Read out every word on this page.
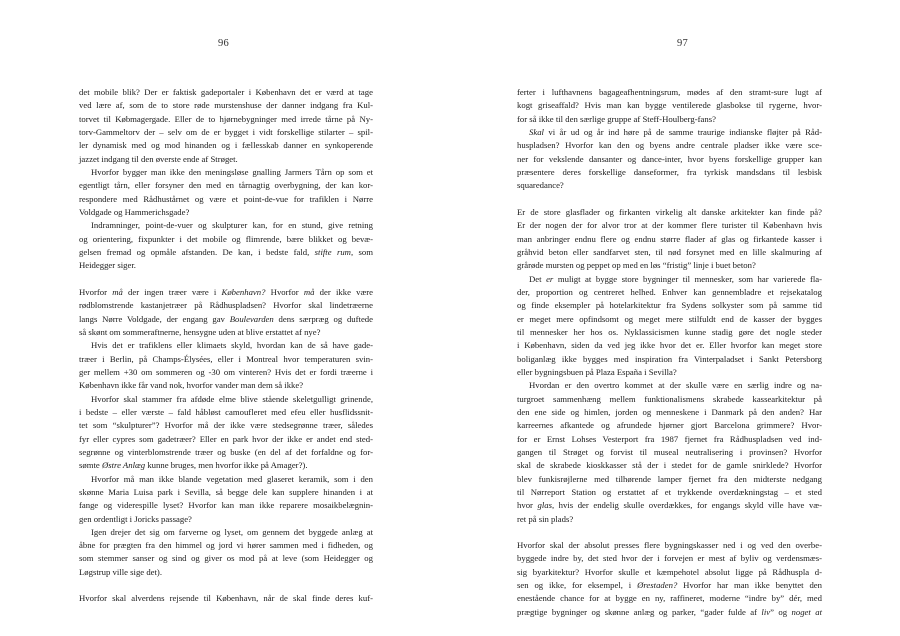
96
det mobile blik? Der er faktisk gadeportaler i København det er værd at tage
ved lære af, som de to store røde murstenshuse der danner indgang fra Kul-
torvet til Købmagergade. Eller de to hjørnebygninger med irrede tårne på Ny-
torv-Gammeltorv der – selv om de er bygget i vidt forskellige stilarter – spil-
ler dynamisk med og mod hinanden og i fællesskab danner en synkoperende
jazzet indgang til den øverste ende af Strøget.
Hvorfor bygger man ikke den meningsløse gnalling Jarmers Tårn op som et
egentligt tårn, eller forsyner den med en tårnagtig overbygning, der kan kor-
respondere med Rådhustårnet og være et point-de-vue for trafiklen i Nørre
Voldgade og Hammerichsgade?
Indramninger, point-de-vuer og skulpturer kan, for en stund, give retning
og orientering, fixpunkter i det mobile og flimrende, bære blikket og bevæ-
gelsen fremad og opmåle afstanden. De kan, i bedste fald, stifte rum, som
Heidegger siger.
Hvorfor må der ingen træer være i København? Hvorfor må der ikke være
rødblomstrende kastanjetræer på Rådhuspladsen? Hvorfor skal lindetræerne
langs Nørre Voldgade, der engang gav Boulevarden dens særpræg og duftede
så skønt om sommeraftnerne, hensygne uden at blive erstattet af nye?
Hvis det er trafiklens eller klimaets skyld, hvordan kan de så have gade-
træer i Berlin, på Champs-Élysées, eller i Montreal hvor temperaturen svin-
ger mellem +30 om sommeren og -30 om vinteren? Hvis det er fordi træerne i
København ikke får vand nok, hvorfor vander man dem så ikke?
Hvorfor skal stammer fra afdøde elme blive stående skeletgulligt grinende,
i bedste – eller værste – fald håbløst camoufleret med efeu eller husflidssnit-
tet som “skulpturer”? Hvorfor må der ikke være stedsegrønne træer, således
fyr eller cypres som gadetræer? Eller en park hvor der ikke er andet end sted-
segrønne og vinterblomstrende træer og buske (en del af det forfaldne og for-
sømte Østre Anlæg kunne bruges, men hvorfor ikke på Amager?).
Hvorfor må man ikke blande vegetation med glaseret keramik, som i den
skønne Maria Luisa park i Sevilla, så begge dele kan supplere hinanden i at
fange og viderespille lyset? Hvorfor kan man ikke reparere mosaikbelægnin-
gen ordentligt i Joricks passage?
Igen drejer det sig om farverne og lyset, om gennem det byggede anlæg at
åbne for prægten fra den himmel og jord vi hører sammen med i fidheden, og
som stemmer sanser og sind og giver os mod på at leve (som Heidegger og
Løgstrup ville sige det).
Hvorfor skal alverdens rejsende til København, når de skal finde deres kuf-
97
ferter i lufthavnens bagageafhentningsrum, mødes af den stramt-sure lugt af
kogt griseaffald? Hvis man kan bygge ventilerede glasbokse til rygerne, hvor-
for så ikke til den særlige gruppe af Steff-Houlberg-fans?
Skal vi år ud og år ind høre på de samme traurige indianske fløjter på Råd-
huspladsen? Hvorfor kan den og byens andre centrale pladser ikke være sce-
ner for vekslende dansanter og dance-inter, hvor byens forskellige grupper kan
præsentere deres forskellige danseformer, fra tyrkisk mandsdans til lesbisk
squaredance?
Er de store glasflader og firkanten virkelig alt danske arkitekter kan finde på?
Er der nogen der for alvor tror at der kommer flere turister til København hvis
man anbringer endnu flere og endnu større flader af glas og firkantede kasser i
gråhvid beton eller sandfarvet sten, til nød forsynet med en lille skalmuring af
grårøde mursten og peppet op med en løs “fristig” linje i buet beton?
Det er muligt at bygge store bygninger til mennesker, som har varierede fla-
der, proportion og centreret helhed. Enhver kan gennembladre et rejsekatalog
og finde eksempler på hotelarkitektur fra Sydens solkyster som på samme tid
er meget mere opfindsomt og meget mere stilfuldt end de kasser der bygges
til mennesker her hos os. Nyklassicismen kunne stadig gøre det nogle steder
i København, siden da ved jeg ikke hvor det er. Eller hvorfor kan meget store
boliganlæg ikke bygges med inspiration fra Vinterpaladset i Sankt Petersborg
eller bygningsbuen på Plaza España i Sevilla?
Hvordan er den overtro kommet at der skulle være en særlig indre og na-
turgroet sammenhæng mellem funktionalismens skrabede kassearkitektur på
den ene side og himlen, jorden og menneskene i Danmark på den anden? Har
karreernes afkantede og afrundede hjørner gjort Barcelona grimmere? Hvor-
for er Ernst Lohses Vesterport fra 1987 fjernet fra Rådhuspladsen ved ind-
gangen til Strøget og forvist til museal neutralisering i provinsen? Hvorfor
skal de skrabede kioskkasser stå der i stedet for de gamle snirklede? Hvorfor
blev funkisrøjlerne med tilhørende lamper fjernet fra den midterste nedgang
til Nørreport Station og erstattet af et trykkende overdækningstag – et sted
hvor glas, hvis der endelig skulle overdækkes, for engangs skyld ville have væ-
ret på sin plads?
Hvorfor skal der absolut presses flere bygningskasser ned i og ved den overbe-
byggede indre by, det sted hvor der i forvejen er mest af byliv og verdensmæs-
sig byarkitektur? Hvorfor skulle et kæmpehotel absolut ligge på Rådhuspla d-
sen og ikke, for eksempel, i Ørestaden? Hvorfor har man ikke benyttet den
enestående chance for at bygge en ny, raffineret, moderne “indre by” dér, med
prægtige bygninger og skønne anlæg og parker, “gader fulde af liv” og noget at
